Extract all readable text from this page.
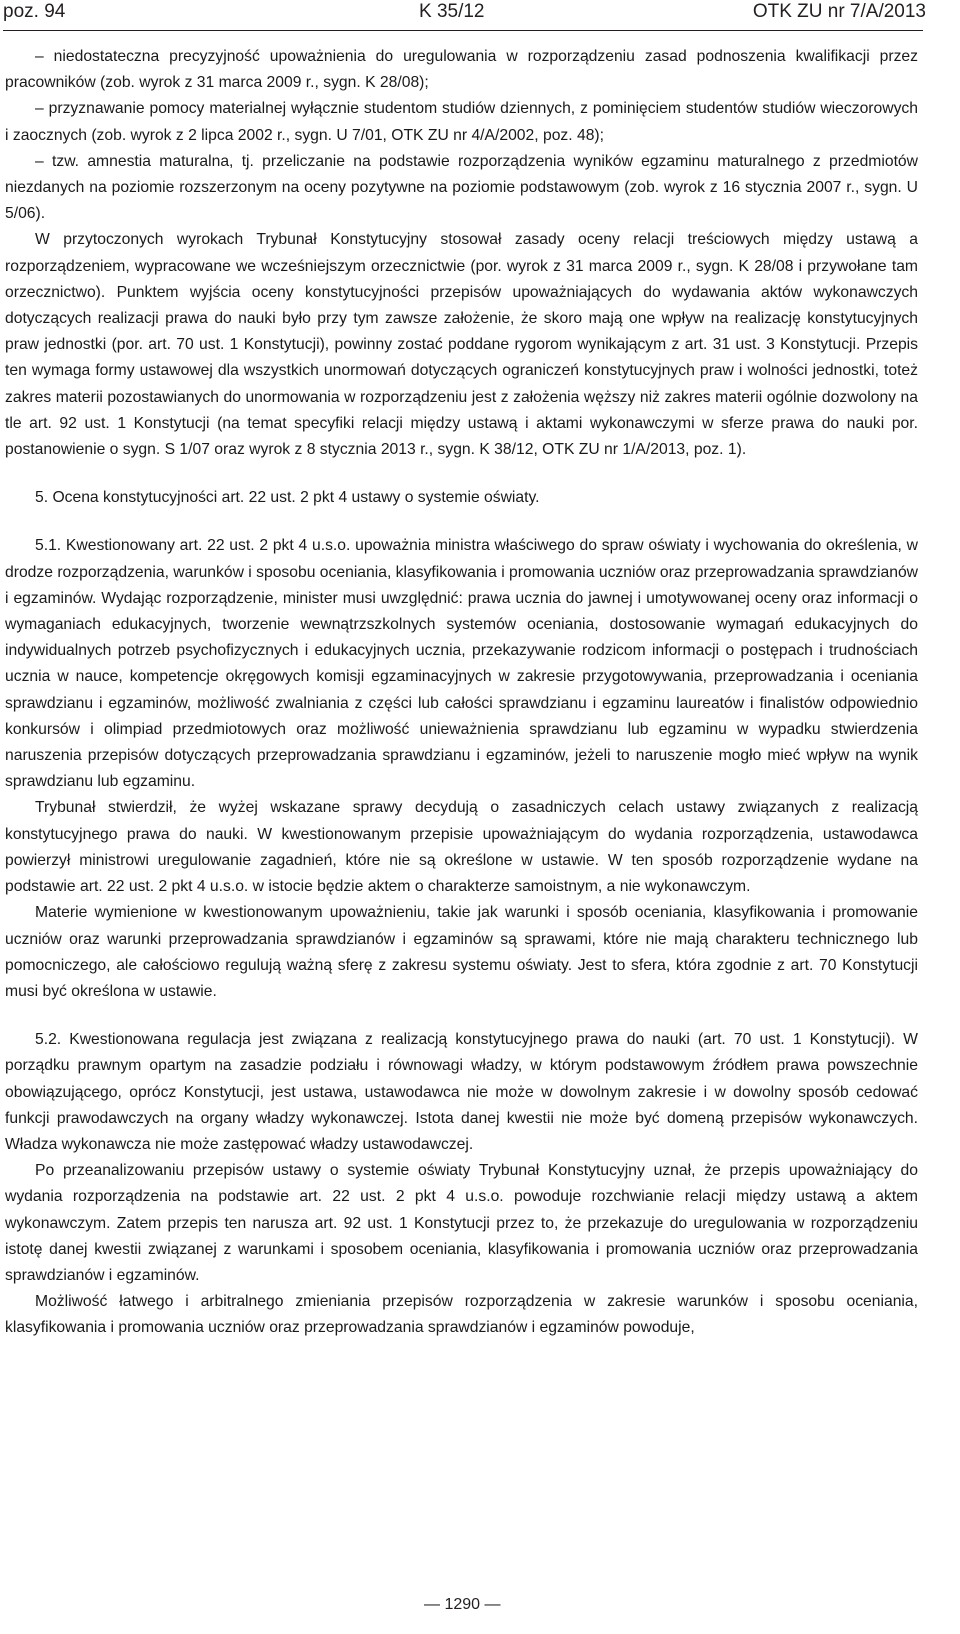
poz. 94	K 35/12	OTK ZU nr 7/A/2013

– niedostateczna precyzyjność upoważnienia do uregulowania w rozporządzeniu zasad podnoszenia kwalifikacji przez pracowników (zob. wyrok z 31 marca 2009 r., sygn. K 28/08);

– przyznawanie pomocy materialnej wyłącznie studentom studiów dziennych, z pominięciem studentów studiów wieczorowych i zaocznych (zob. wyrok z 2 lipca 2002 r., sygn. U 7/01, OTK ZU nr 4/A/2002, poz. 48);

– tzw. amnestia maturalna, tj. przeliczanie na podstawie rozporządzenia wyników egzaminu maturalnego z przedmiotów niezdanych na poziomie rozszerzonym na oceny pozytywne na poziomie podstawowym (zob. wyrok z 16 stycznia 2007 r., sygn. U 5/06).

W przytoczonych wyrokach Trybunał Konstytucyjny stosował zasady oceny relacji treściowych między ustawą a rozporządzeniem, wypracowane we wcześniejszym orzecznictwie (por. wyrok z 31 marca 2009 r., sygn. K 28/08 i przywołane tam orzecznictwo). Punktem wyjścia oceny konstytucyjności przepisów upoważniających do wydawania aktów wykonawczych dotyczących realizacji prawa do nauki było przy tym zawsze założenie, że skoro mają one wpływ na realizację konstytucyjnych praw jednostki (por. art. 70 ust. 1 Konstytucji), powinny zostać poddane rygorom wynikającym z art. 31 ust. 3 Konstytucji. Przepis ten wymaga formy ustawowej dla wszystkich unormowań dotyczących ograniczeń konstytucyjnych praw i wolności jednostki, toteż zakres materii pozostawianych do unormowania w rozporządzeniu jest z założenia węższy niż zakres materii ogólnie dozwolony na tle art. 92 ust. 1 Konstytucji (na temat specyfiki relacji między ustawą i aktami wykonawczymi w sferze prawa do nauki por. postanowienie o sygn. S 1/07 oraz wyrok z 8 stycznia 2013 r., sygn. K 38/12, OTK ZU nr 1/A/2013, poz. 1).

5. Ocena konstytucyjności art. 22 ust. 2 pkt 4 ustawy o systemie oświaty.

5.1. Kwestionowany art. 22 ust. 2 pkt 4 u.s.o. upoważnia ministra właściwego do spraw oświaty i wychowania do określenia, w drodze rozporządzenia, warunków i sposobu oceniania, klasyfikowania i promowania uczniów oraz przeprowadzania sprawdzianów i egzaminów. Wydając rozporządzenie, minister musi uwzględnić: prawa ucznia do jawnej i umotywowanej oceny oraz informacji o wymaganiach edukacyjnych, tworzenie wewnątrzszkolnych systemów oceniania, dostosowanie wymagań edukacyjnych do indywidualnych potrzeb psychofizycznych i edukacyjnych ucznia, przekazywanie rodzicom informacji o postępach i trudnościach ucznia w nauce, kompetencje okręgowych komisji egzaminacyjnych w zakresie przygotowywania, przeprowadzania i oceniania sprawdzianu i egzaminów, możliwość zwalniania z części lub całości sprawdzianu i egzaminu laureatów i finalistów odpowiednio konkursów i olimpiad przedmiotowych oraz możliwość unieważnienia sprawdzianu lub egzaminu w wypadku stwierdzenia naruszenia przepisów dotyczących przeprowadzania sprawdzianu i egzaminów, jeżeli to naruszenie mogło mieć wpływ na wynik sprawdzianu lub egzaminu.

Trybunał stwierdził, że wyżej wskazane sprawy decydują o zasadniczych celach ustawy związanych z realizacją konstytucyjnego prawa do nauki. W kwestionowanym przepisie upoważniającym do wydania rozporządzenia, ustawodawca powierzył ministrowi uregulowanie zagadnień, które nie są określone w ustawie. W ten sposób rozporządzenie wydane na podstawie art. 22 ust. 2 pkt 4 u.s.o. w istocie będzie aktem o charakterze samoistnym, a nie wykonawczym.

Materie wymienione w kwestionowanym upoważnieniu, takie jak warunki i sposób oceniania, klasyfikowania i promowanie uczniów oraz warunki przeprowadzania sprawdzianów i egzaminów są sprawami, które nie mają charakteru technicznego lub pomocniczego, ale całościowo regulują ważną sferę z zakresu systemu oświaty. Jest to sfera, która zgodnie z art. 70 Konstytucji musi być określona w ustawie.

5.2. Kwestionowana regulacja jest związana z realizacją konstytucyjnego prawa do nauki (art. 70 ust. 1 Konstytucji). W porządku prawnym opartym na zasadzie podziału i równowagi władzy, w którym podstawowym źródłem prawa powszechnie obowiązującego, oprócz Konstytucji, jest ustawa, ustawodawca nie może w dowolnym zakresie i w dowolny sposób cedować funkcji prawodawczych na organy władzy wykonawczej. Istota danej kwestii nie może być domeną przepisów wykonawczych. Władza wykonawcza nie może zastępować władzy ustawodawczej.

Po przeanalizowaniu przepisów ustawy o systemie oświaty Trybunał Konstytucyjny uznał, że przepis upoważniający do wydania rozporządzenia na podstawie art. 22 ust. 2 pkt 4 u.s.o. powoduje rozchwianie relacji między ustawą a aktem wykonawczym. Zatem przepis ten narusza art. 92 ust. 1 Konstytucji przez to, że przekazuje do uregulowania w rozporządzeniu istotę danej kwestii związanej z warunkami i sposobem oceniania, klasyfikowania i promowania uczniów oraz przeprowadzania sprawdzianów i egzaminów.

Możliwość łatwego i arbitralnego zmieniania przepisów rozporządzenia w zakresie warunków i sposobu oceniania, klasyfikowania i promowania uczniów oraz przeprowadzania sprawdzianów i egzaminów powoduje,

— 1290 —
